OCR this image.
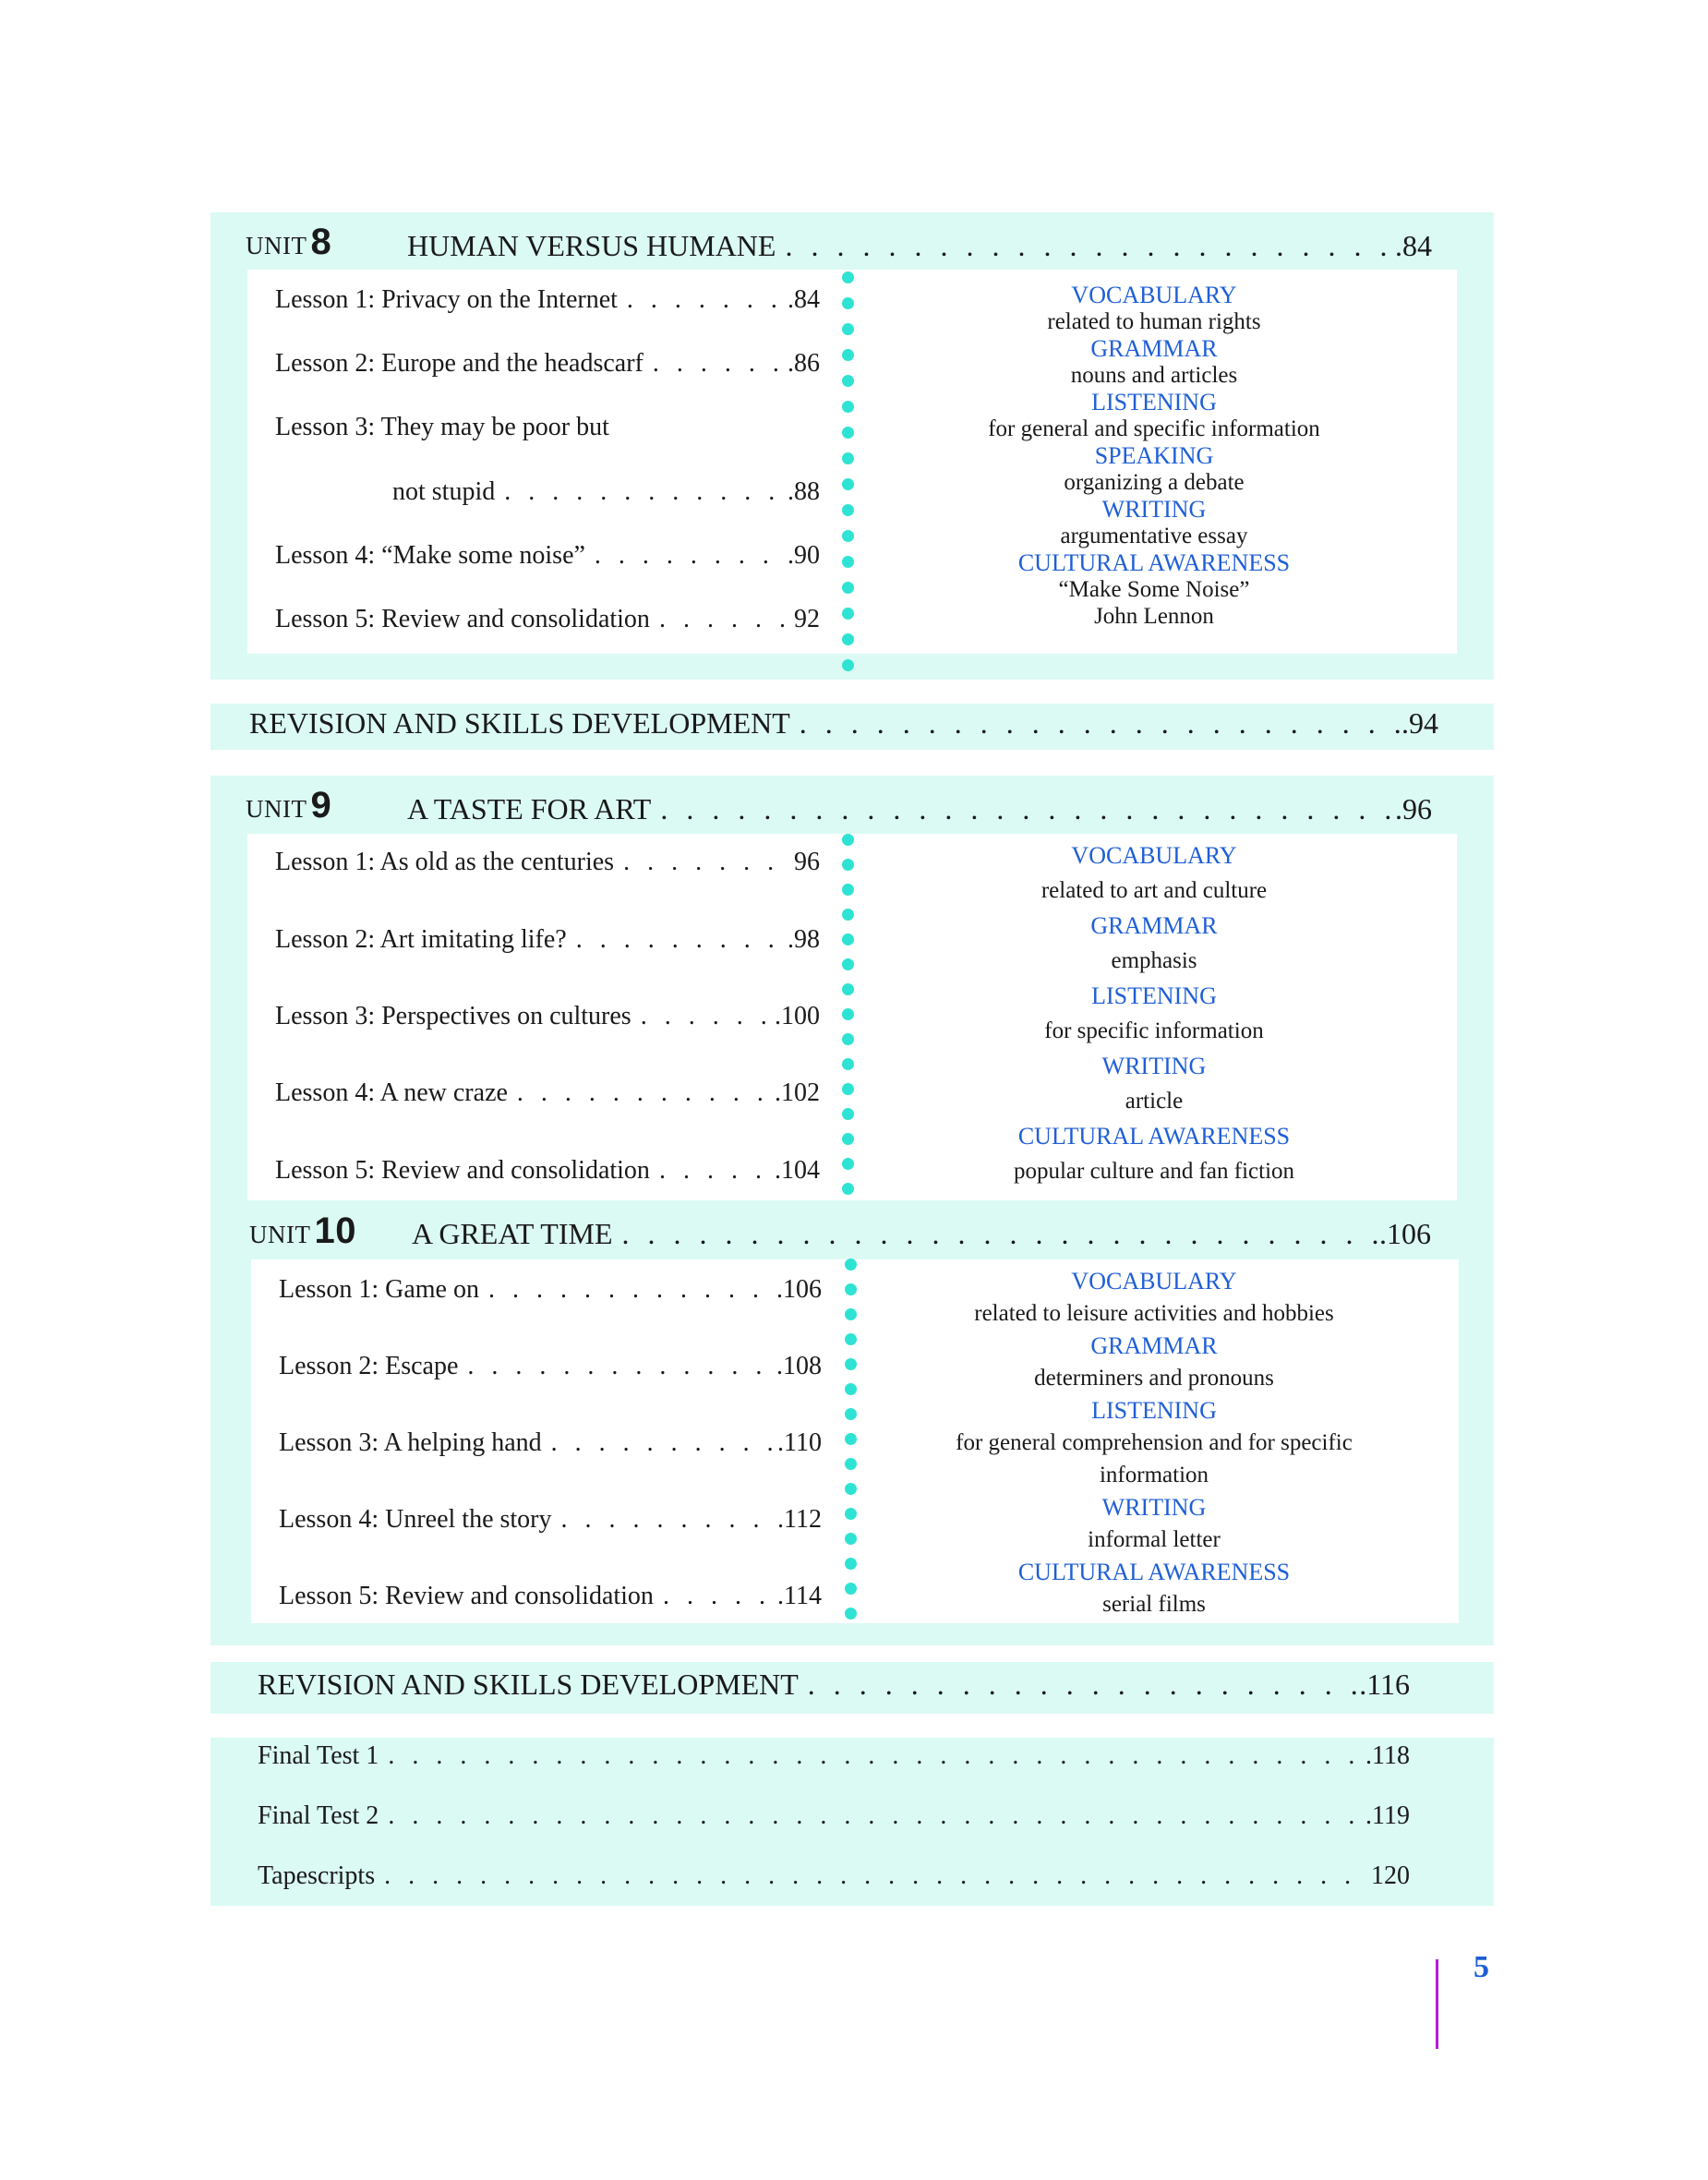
UNIT 8	HUMAN VERSUS HUMANE . . .	.84
Lesson 1: Privacy on the Internet . . .	.84
Lesson 2: Europe and the headscarf . . .	.86
Lesson 3: They may be poor but
not stupid . . .	.88
Lesson 4: “Make some noise” . . .	.90
Lesson 5: Review and consolidation . . .	92
VOCABULARY
related to human rights
GRAMMAR
nouns and articles
LISTENING
for general and specific information
SPEAKING
organizing a debate
WRITING
argumentative essay
CULTURAL AWARENESS
“Make Some Noise”
John Lennon
REVISION AND SKILLS DEVELOPMENT . . .	.94
UNIT 9	A TASTE FOR ART . . .	.96
Lesson 1: As old as the centuries . . .	96
Lesson 2: Art imitating life? . . .	.98
Lesson 3: Perspectives on cultures . . .	.100
Lesson 4: A new craze . . .	.102
Lesson 5: Review and consolidation . . .	.104
VOCABULARY
related to art and culture
GRAMMAR
emphasis
LISTENING
for specific information
WRITING
article
CULTURAL AWARENESS
popular culture and fan fiction
UNIT 10 A GREAT TIME . . .	.106
Lesson 1: Game on . . .	.106
Lesson 2: Escape . . .	.108
Lesson 3: A helping hand . . .	.110
Lesson 4: Unreel the story . . .	.112
Lesson 5: Review and consolidation . . .	.114
VOCABULARY
related to leisure activities and hobbies
GRAMMAR
determiners and pronouns
LISTENING
for general comprehension and for specific
information
WRITING
informal letter
CULTURAL AWARENESS
serial films
REVISION AND SKILLS DEVELOPMENT . . .	.116
Final Test 1 . . .	.118
Final Test 2 . . .	.119
Tapescripts . . .	120
5
